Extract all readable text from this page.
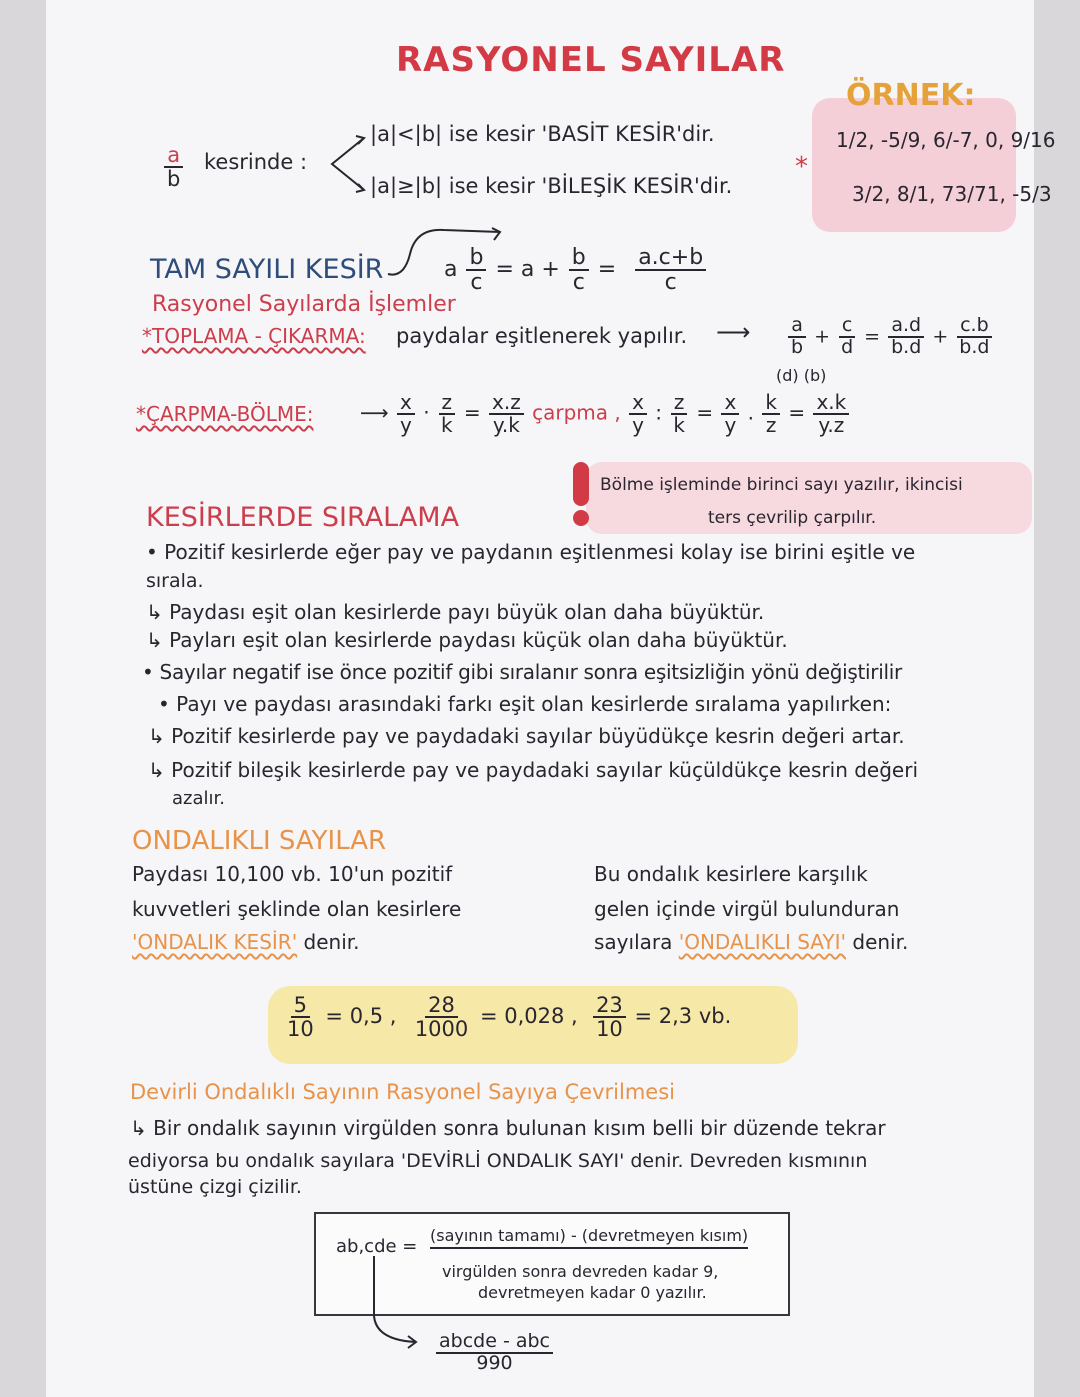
RASYONEL SAYILAR
ÖRNEK:
1/2, -5/9, 6/-7, 0, 9/16
3/2, 8/1, 73/71, -5/3
*
$\frac{a}{b}$ kesrinde :
|a|<|b| ise kesir 'BASİT KESİR'dir.
|a|≥|b| ise kesir 'BİLEŞİK KESİR'dir.
TAM SAYILI KESİR	a $\frac{b}{c} = a + \frac{b}{c} = \frac{a.c+b}{c}$
Rasyonel Sayılarda İşlemler
*TOPLAMA - ÇIKARMA: paydalar eşitlenerek yapılır. ⟶ $\frac{a}{b} + \frac{c}{d} = \frac{a.d}{b.d} + \frac{c.b}{b.d}$
(d) (b)
*ÇARPMA-BÖLME: ⟶ $\frac{x}{y} \cdot \frac{z}{k} = \frac{x.z}{y.k}$ çarpma , $\frac{x}{y}$ : $\frac{z}{k} = \frac{x}{y}$ . $\frac{k}{z} = \frac{x.k}{y.z}$
Bölme işleminde birinci sayı yazılır, ikincisi
ters çevrilip çarpılır.
KESİRLERDE SIRALAMA
• Pozitif kesirlerde eğer pay ve paydanın eşitlenmesi kolay ise birini eşitle ve
sırala.
↳ Paydası eşit olan kesirlerde payı büyük olan daha büyüktür.
↳ Payları eşit olan kesirlerde paydası küçük olan daha büyüktür.
• Sayılar negatif ise önce pozitif gibi sıralanır sonra eşitsizliğin yönü değiştirilir
• Payı ve paydası arasındaki farkı eşit olan kesirlerde sıralama yapılırken:
↳ Pozitif kesirlerde pay ve paydadaki sayılar büyüdükçe kesrin değeri artar.
↳ Pozitif bileşik kesirlerde pay ve paydadaki sayılar küçüldükçe kesrin değeri
azalır.
ONDALIKLI SAYILAR
Paydası 10,100 vb. 10'un pozitif
kuvvetleri şeklinde olan kesirlere
'ONDALIK KESİR' denir.
Bu ondalık kesirlere karşılık
gelen içinde virgül bulunduran
sayılara 'ONDALIKLI SAYI' denir.
$\frac{5}{10} = 0,5$ , $\frac{28}{1000} = 0,028$ , $\frac{23}{10} = 2,3$ vb.
Devirli Ondalıklı Sayının Rasyonel Sayıya Çevrilmesi
↳ Bir ondalık sayının virgülden sonra bulunan kısım belli bir düzende tekrar
ediyorsa bu ondalık sayılara 'DEVİRLİ ONDALIK SAYI' denir. Devreden kısmının
üstüne çizgi çizilir.
ab,cde =
(sayının tamamı) - (devretmeyen kısım)
virgülden sonra devreden kadar 9,
devretmeyen kadar 0 yazılır.
$\frac{\text{abcde - abc}}{990}$
